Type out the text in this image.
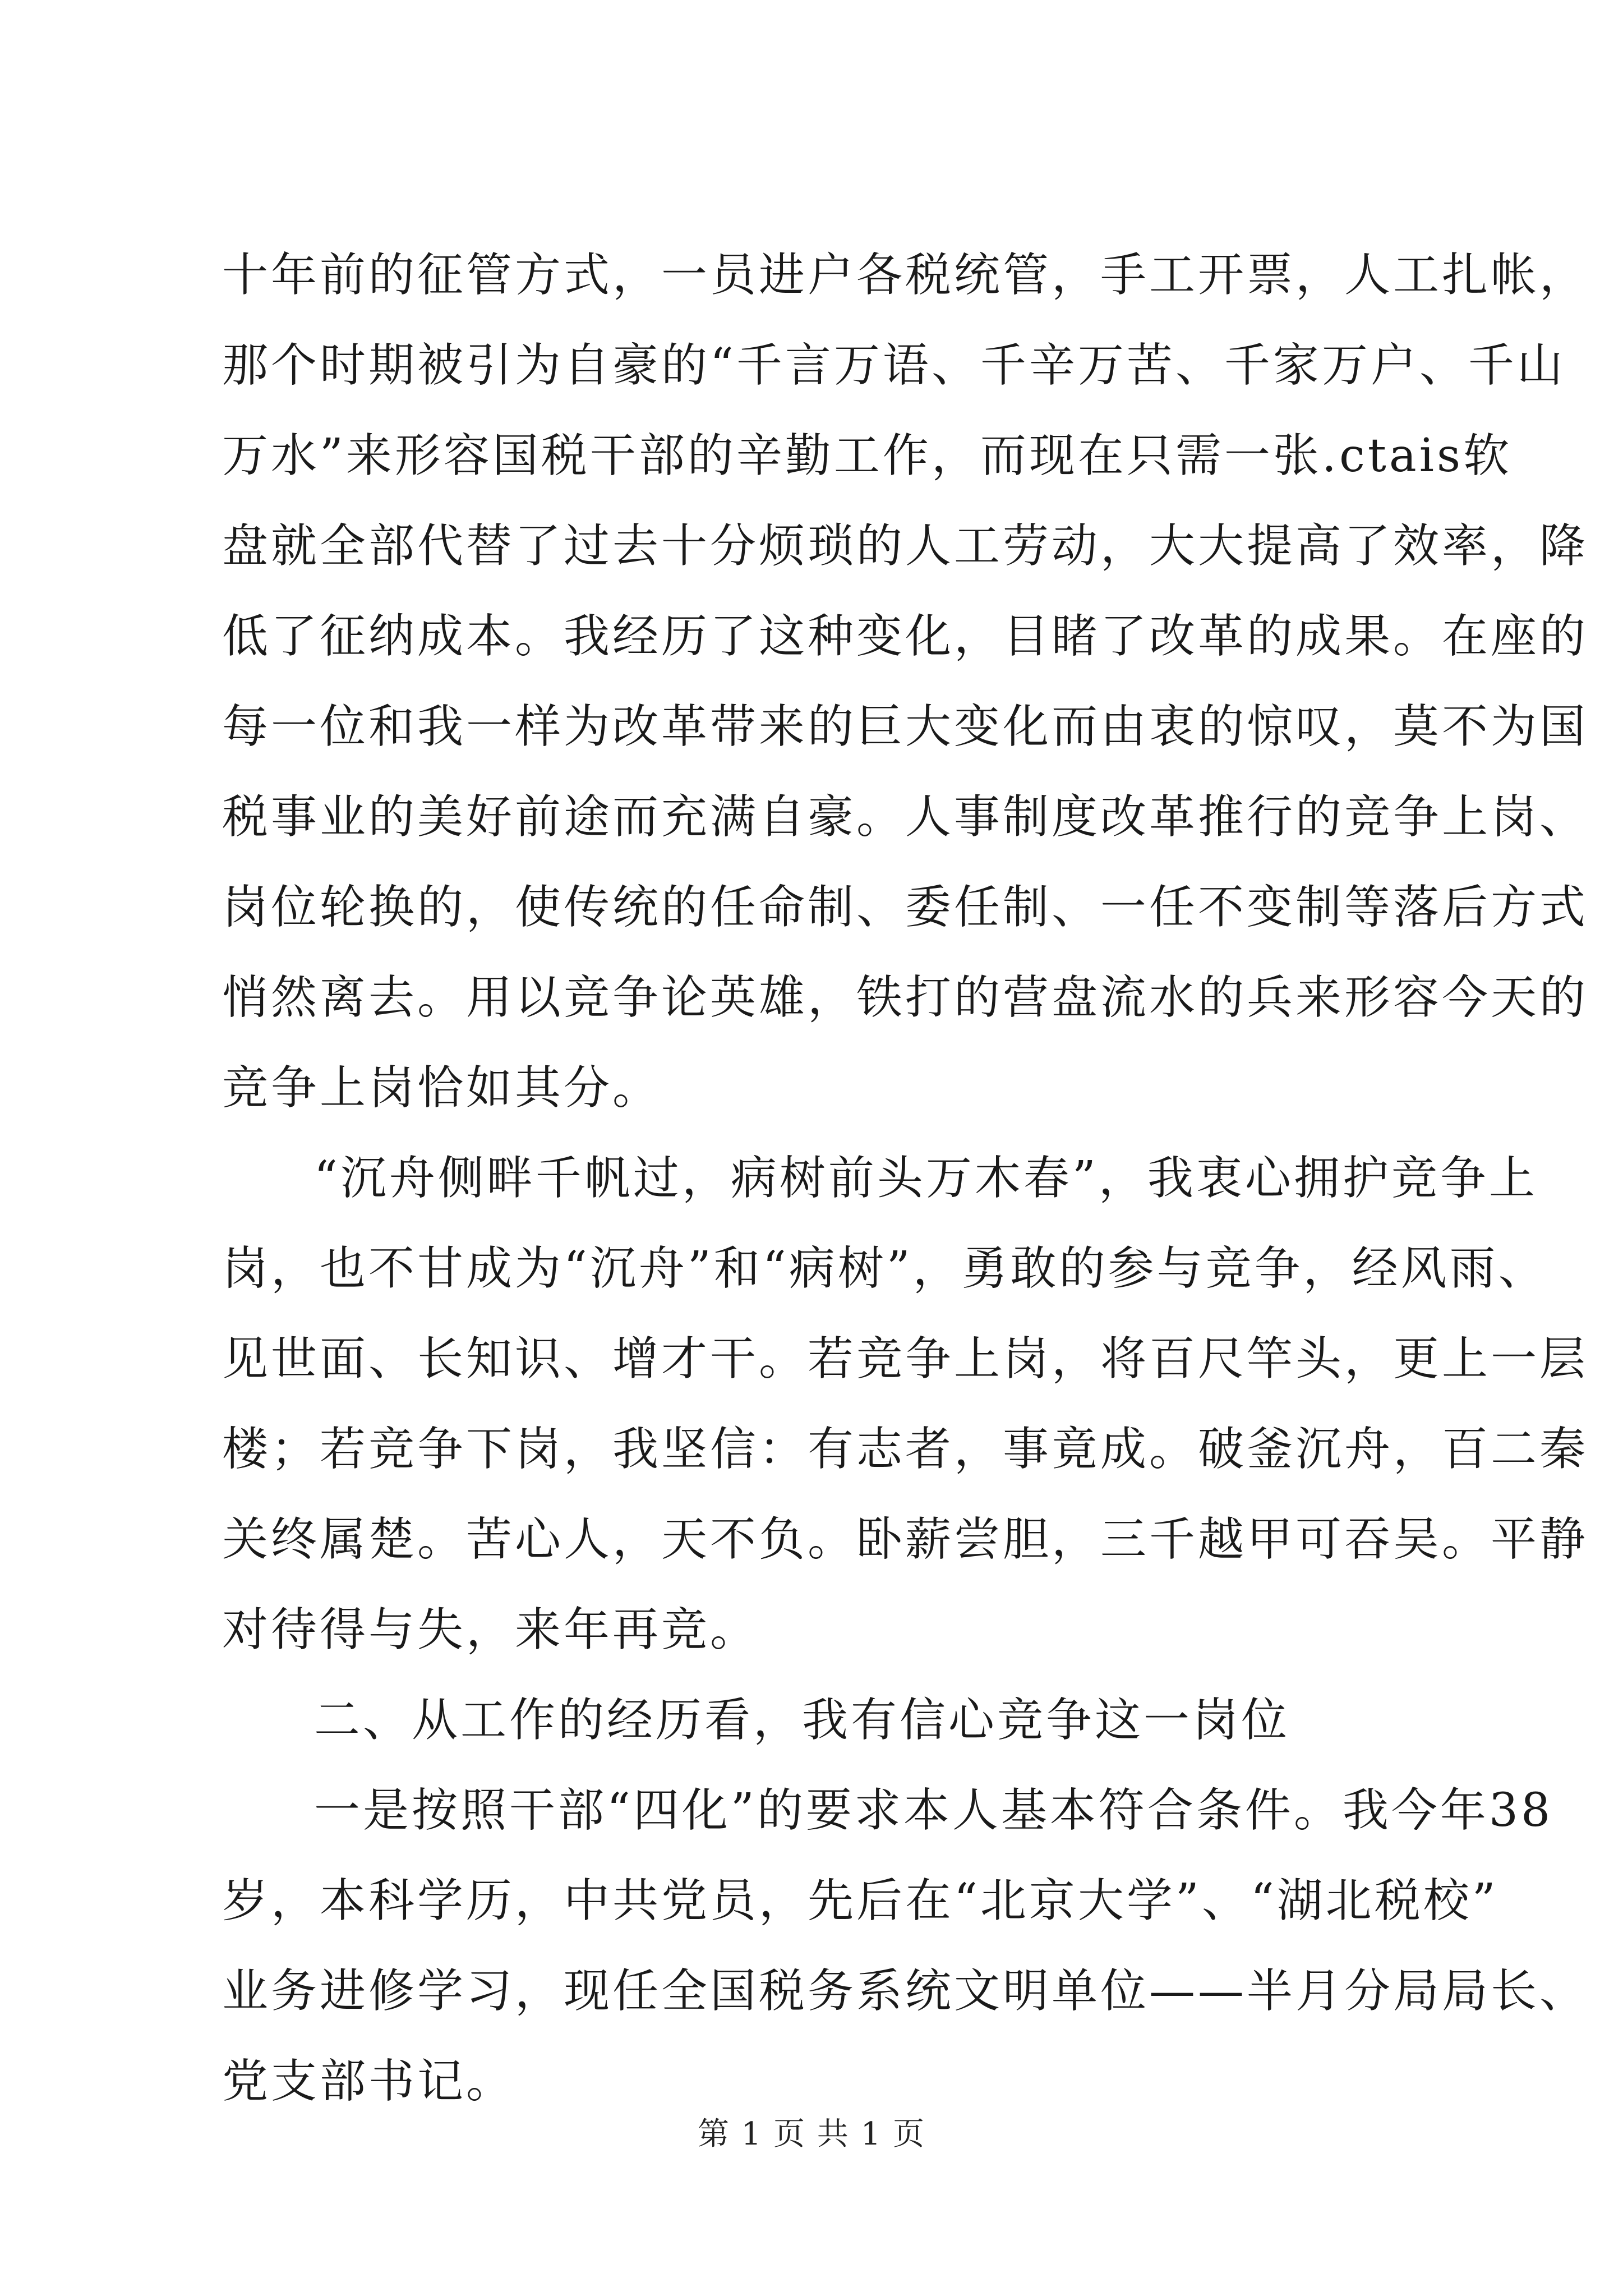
十年前的征管方式，一员进户各税统管，手工开票，人工扎帐，
那个时期被引为自豪的“千言万语、千辛万苦、千家万户、千山
万水”来形容国税干部的辛勤工作，而现在只需一张.ctais软
盘就全部代替了过去十分烦琐的人工劳动，大大提高了效率，降
低了征纳成本。我经历了这种变化，目睹了改革的成果。在座的
每一位和我一样为改革带来的巨大变化而由衷的惊叹，莫不为国
税事业的美好前途而充满自豪。人事制度改革推行的竞争上岗、
岗位轮换的，使传统的任命制、委任制、一任不变制等落后方式
悄然离去。用以竞争论英雄，铁打的营盘流水的兵来形容今天的
竞争上岗恰如其分。
“沉舟侧畔千帆过，病树前头万木春”，我衷心拥护竞争上
岗，也不甘成为“沉舟”和“病树”，勇敢的参与竞争，经风雨、
见世面、长知识、增才干。若竞争上岗，将百尺竿头，更上一层
楼；若竞争下岗，我坚信：有志者，事竟成。破釜沉舟，百二秦
关终属楚。苦心人，天不负。卧薪尝胆，三千越甲可吞吴。平静
对待得与失，来年再竞。
二、从工作的经历看，我有信心竞争这一岗位
一是按照干部“四化”的要求本人基本符合条件。我今年38
岁，本科学历，中共党员，先后在“北京大学”、“湖北税校”
业务进修学习，现任全国税务系统文明单位——半月分局局长、
党支部书记。
第 1 页 共 1 页
